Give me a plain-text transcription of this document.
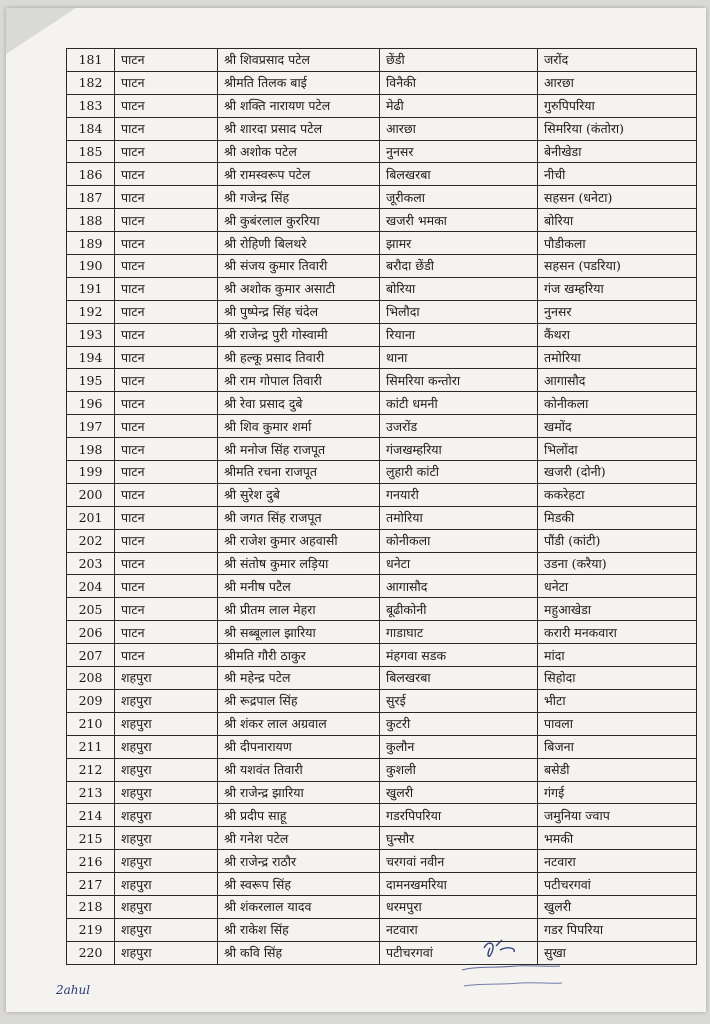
181	पाटन	श्री शिवप्रसाद पटेल	छेंडी	जरोंद
182	पाटन	श्रीमति तिलक बाई	विनैकी	आरछा
183	पाटन	श्री शक्ति नारायण पटेल	मेढी	गुरुपिपरिया
184	पाटन	श्री शारदा प्रसाद पटेल	आरछा	सिमरिया (कंतोरा)
185	पाटन	श्री अशोक पटेल	नुनसर	बेनीखेडा
186	पाटन	श्री रामस्वरूप पटेल	बिलखरबा	नीची
187	पाटन	श्री गजेन्द्र सिंह	जूरीकला	सहसन (धनेटा)
188	पाटन	श्री कुबंरलाल कुररिया	खजरी भमका	बोरिया
189	पाटन	श्री रोहिणी बिलथरे	झामर	पौडीकला
190	पाटन	श्री संजय कुमार तिवारी	बरौदा छेंडी	सहसन (पडरिया)
191	पाटन	श्री अशोक कुमार असाटी	बोरिया	गंज खम्हरिया
192	पाटन	श्री पुष्पेन्द्र सिंह चंदेल	भिलौदा	नुनसर
193	पाटन	श्री राजेन्द्र पुरी गोस्वामी	रियाना	कैंथरा
194	पाटन	श्री हल्कू प्रसाद तिवारी	थाना	तमोरिया
195	पाटन	श्री राम गोपाल तिवारी	सिमरिया कन्तोरा	आगासौद
196	पाटन	श्री रेवा प्रसाद दुबे	कांटी धमनी	कोनीकला
197	पाटन	श्री शिव कुमार शर्मा	उजरोंड	खमोंद
198	पाटन	श्री मनोज सिंह राजपूत	गंजखम्हरिया	भिलोंदा
199	पाटन	श्रीमति रचना राजपूत	लुहारी कांटी	खजरी (दोनी)
200	पाटन	श्री सुरेश दुबे	गनयारी	ककरेहटा
201	पाटन	श्री जगत सिंह राजपूत	तमोरिया	मिडकी
202	पाटन	श्री राजेश कुमार अहवासी	कोनीकला	पौंडी (कांटी)
203	पाटन	श्री संतोष कुमार लड़िया	धनेटा	उडना (करैया)
204	पाटन	श्री मनीष पटैल	आगासौद	धनेटा
205	पाटन	श्री प्रीतम लाल मेहरा	बूढीकोनी	महुआखेडा
206	पाटन	श्री सब्बूलाल झारिया	गाडाघाट	करारी मनकवारा
207	पाटन	श्रीमति गौरी ठाकुर	मंहगवा सडक	मांदा
208	शहपुरा	श्री महेन्द्र पटेल	बिलखरबा	सिहोदा
209	शहपुरा	श्री रूद्रपाल सिंह	सुरई	भीटा
210	शहपुरा	श्री शंकर लाल अग्रवाल	कुटरी	पावला
211	शहपुरा	श्री दीपनारायण	कुलौन	बिजना
212	शहपुरा	श्री यशवंत तिवारी	कुशली	बसेडी
213	शहपुरा	श्री राजेन्द्र झारिया	खुलरी	गंगई
214	शहपुरा	श्री प्रदीप साहू	गडरपिपरिया	जमुनिया ज्वाप
215	शहपुरा	श्री गनेश पटेल	घुन्सौर	भमकी
216	शहपुरा	श्री राजेन्द्र राठौर	चरगवां नवीन	नटवारा
217	शहपुरा	श्री स्वरूप सिंह	दामनखमरिया	पटीचरगवां
218	शहपुरा	श्री शंकरलाल यादव	धरमपुरा	खुलरी
219	शहपुरा	श्री राकेश सिंह	नटवारा	गडर पिपरिया
220	शहपुरा	श्री कवि सिंह	पटीचरगवां	सुखा
2ahul
